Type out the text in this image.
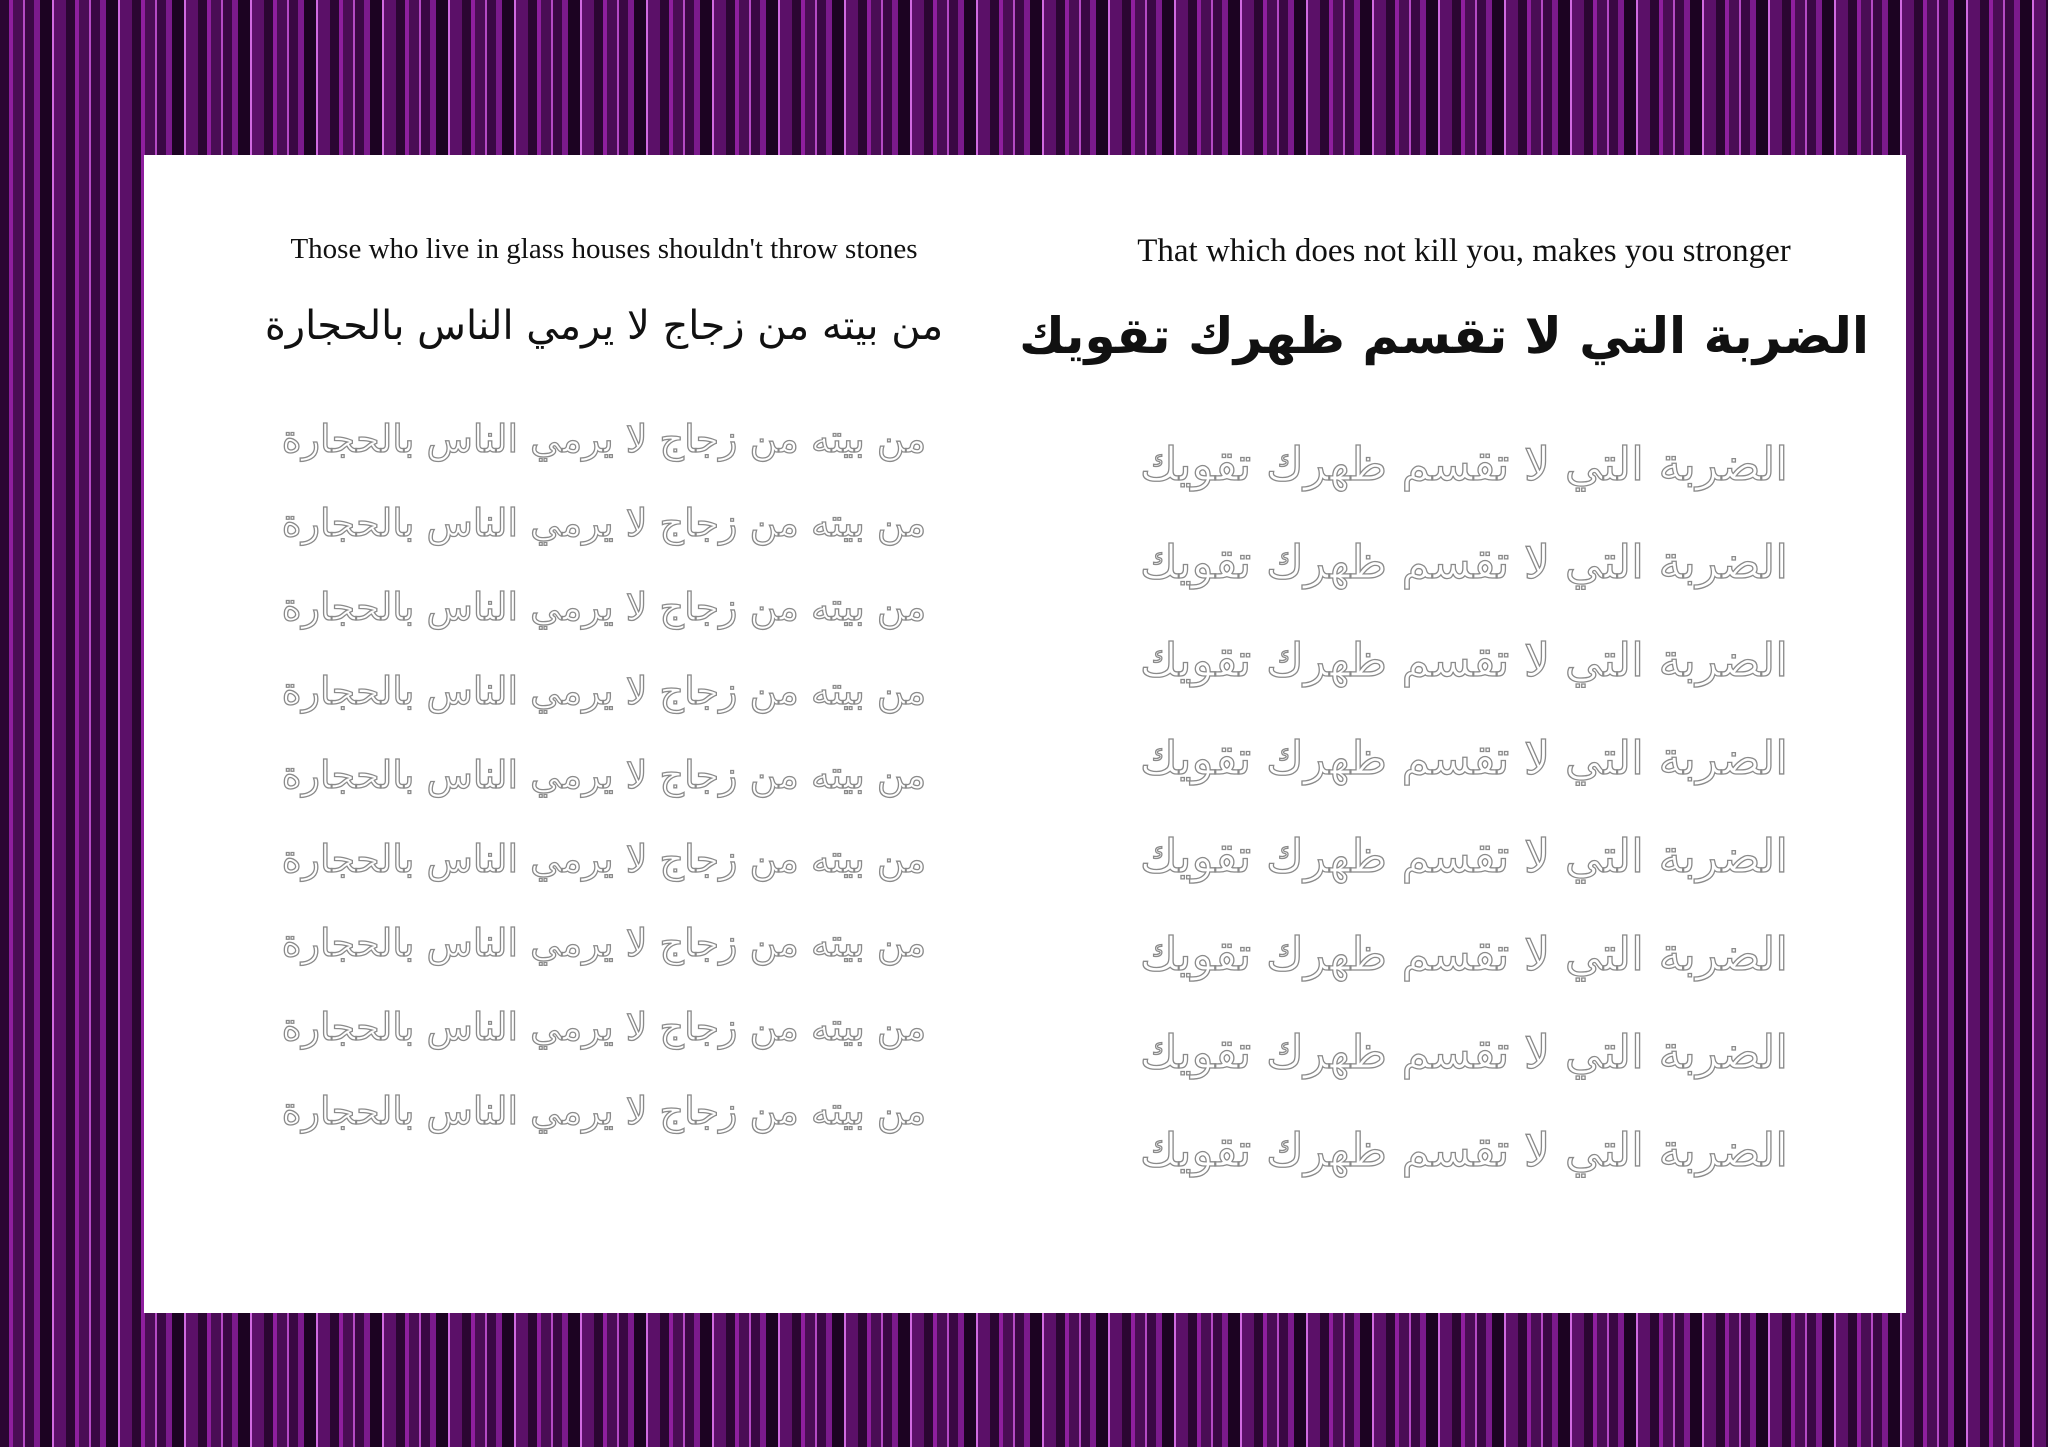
Those who live in glass houses shouldn't throw stones
من بيته من زجاج لا يرمي الناس بالحجارة
من بيته من زجاج لا يرمي الناس بالحجارة
من بيته من زجاج لا يرمي الناس بالحجارة
من بيته من زجاج لا يرمي الناس بالحجارة
من بيته من زجاج لا يرمي الناس بالحجارة
من بيته من زجاج لا يرمي الناس بالحجارة
من بيته من زجاج لا يرمي الناس بالحجارة
من بيته من زجاج لا يرمي الناس بالحجارة
من بيته من زجاج لا يرمي الناس بالحجارة
من بيته من زجاج لا يرمي الناس بالحجارة
That which does not kill you, makes you stronger
الضربة التي لا تقسم ظهرك تقويك
الضربة التي لا تقسم ظهرك تقويك
الضربة التي لا تقسم ظهرك تقويك
الضربة التي لا تقسم ظهرك تقويك
الضربة التي لا تقسم ظهرك تقويك
الضربة التي لا تقسم ظهرك تقويك
الضربة التي لا تقسم ظهرك تقويك
الضربة التي لا تقسم ظهرك تقويك
الضربة التي لا تقسم ظهرك تقويك
